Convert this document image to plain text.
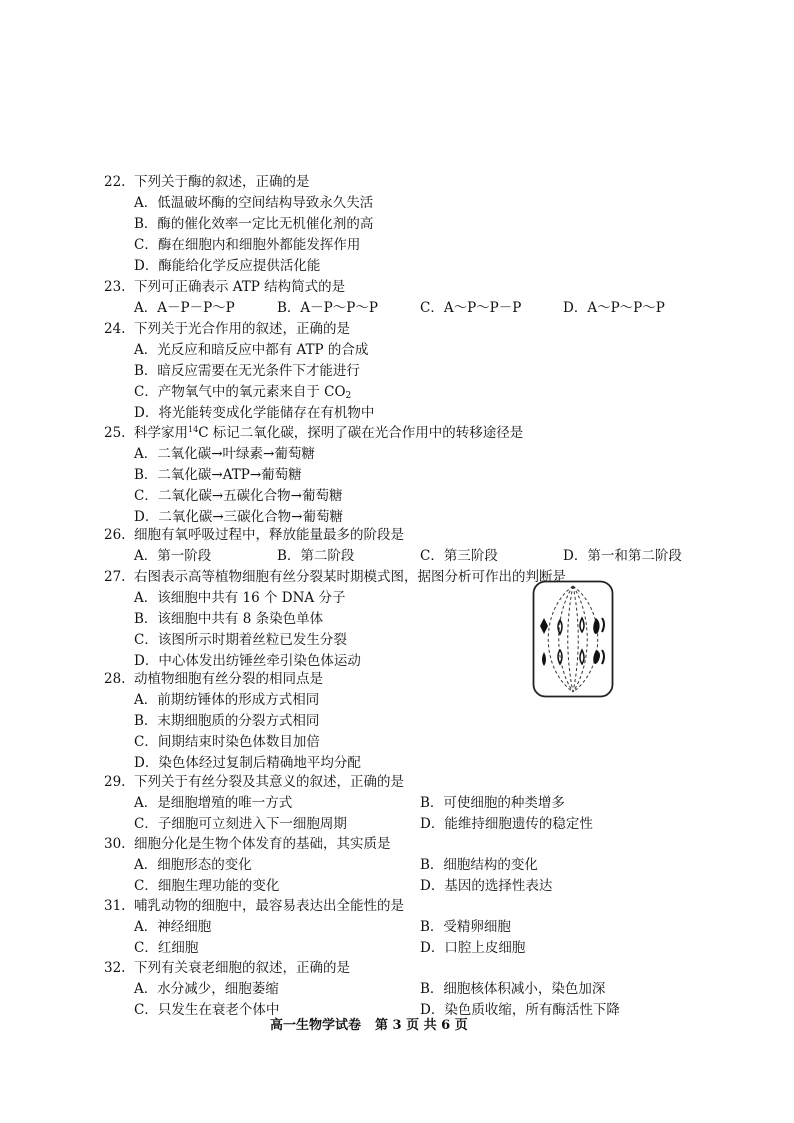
22. 下列关于酶的叙述，正确的是
A．低温破坏酶的空间结构导致永久失活
B．酶的催化效率一定比无机催化剂的高
C．酶在细胞内和细胞外都能发挥作用
D．酶能给化学反应提供活化能
23. 下列可正确表示 ATP 结构简式的是
A．A－P－P～P	B．A－P～P～P	C．A～P～P－P	D．A～P～P～P
24. 下列关于光合作用的叙述，正确的是
A．光反应和暗反应中都有 ATP 的合成
B．暗反应需要在无光条件下才能进行
C．产物氧气中的氧元素来自于 $CO_2$
D．将光能转变成化学能储存在有机物中
25. 科学家用$^{14}$C 标记二氧化碳，探明了碳在光合作用中的转移途径是
A．二氧化碳→叶绿素→葡萄糖
B．二氧化碳→ATP→葡萄糖
C．二氧化碳→五碳化合物→葡萄糖
D．二氧化碳→三碳化合物→葡萄糖
26. 细胞有氧呼吸过程中，释放能量最多的阶段是
A．第一阶段	B．第二阶段	C．第三阶段	D．第一和第二阶段
27. 右图表示高等植物细胞有丝分裂某时期模式图，据图分析可作出的判断是
A．该细胞中共有 16 个 DNA 分子
B．该细胞中共有 8 条染色单体
C．该图所示时期着丝粒已发生分裂
D．中心体发出纺锤丝牵引染色体运动
28. 动植物细胞有丝分裂的相同点是
A．前期纺锤体的形成方式相同
B．末期细胞质的分裂方式相同
C．间期结束时染色体数目加倍
D．染色体经过复制后精确地平均分配
29. 下列关于有丝分裂及其意义的叙述，正确的是
A．是细胞增殖的唯一方式	B．可使细胞的种类增多
C．子细胞可立刻进入下一细胞周期	D．能维持细胞遗传的稳定性
30. 细胞分化是生物个体发育的基础，其实质是
A．细胞形态的变化	B．细胞结构的变化
C．细胞生理功能的变化	D．基因的选择性表达
31. 哺乳动物的细胞中，最容易表达出全能性的是
A．神经细胞	B．受精卵细胞
C．红细胞	D．口腔上皮细胞
32. 下列有关衰老细胞的叙述，正确的是
A．水分减少，细胞萎缩	B．细胞核体积减小，染色加深
C．只发生在衰老个体中	D．染色质收缩，所有酶活性下降
高一生物学试卷 第 3 页 共 6 页
